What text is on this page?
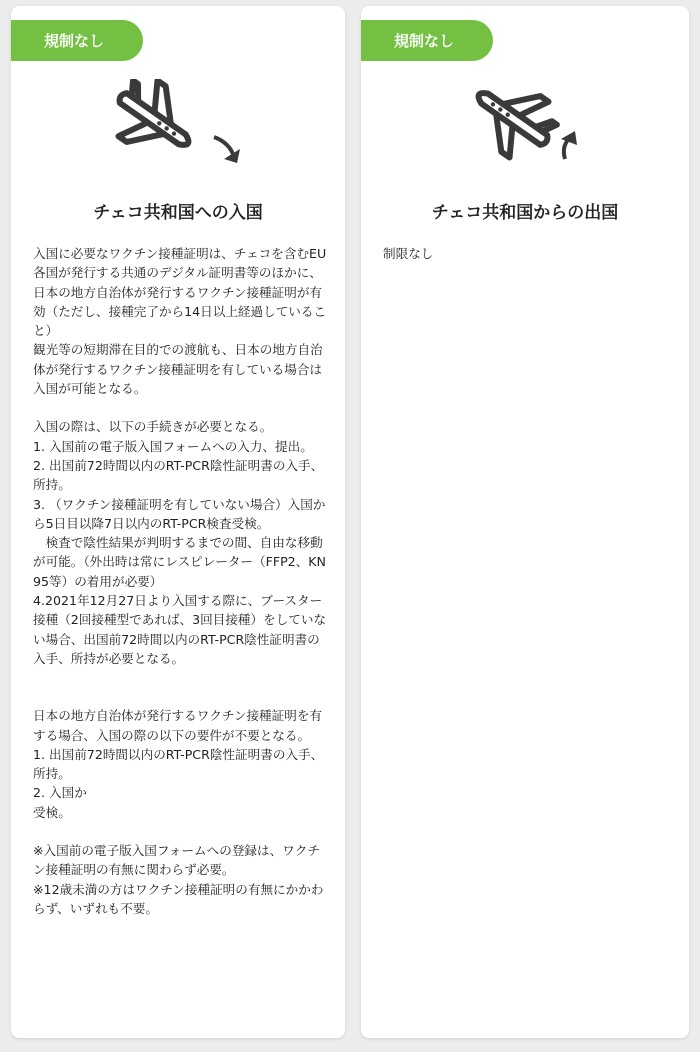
規制なし
チェコ共和国への入国

入国に必要なワクチン接種証明は、チェコを含むEU各国が発行する共通のデジタル証明書等のほかに、日本の地方自治体が発行するワクチン接種証明が有効（ただし、接種完了から14日以上経過していること）
観光等の短期滞在目的での渡航も、日本の地方自治体が発行するワクチン接種証明を有している場合は入国が可能となる。

入国の際は、以下の手続きが必要となる。
1. 入国前の電子版入国フォームへの入力、提出。
2. 出国前72時間以内のRT-PCR陰性証明書の入手、所持。
3. （ワクチン接種証明を有していない場合）入国から5日目以降7日以内のRT-PCR検査受検。
　検査で陰性結果が判明するまでの間、自由な移動が可能。（外出時は常にレスピレーター（FFP2、KN95等）の着用が必要）
4.2021年12月27日より入国する際に、ブースター接種（2回接種型であれば、3回目接種）をしていない場合、出国前72時間以内のRT-PCR陰性証明書の入手、所持が必要となる。

日本の地方自治体が発行するワクチン接種証明を有する場合、入国の際の以下の要件が不要となる。
1. 出国前72時間以内のRT-PCR陰性証明書の入手、所持。
2. 入国か
受検。

※入国前の電子版入国フォームへの登録は、ワクチン接種証明の有無に関わらず必要。
※12歳未満の方はワクチン接種証明の有無にかかわらず、いずれも不要。

規制なし
チェコ共和国からの出国

制限なし
